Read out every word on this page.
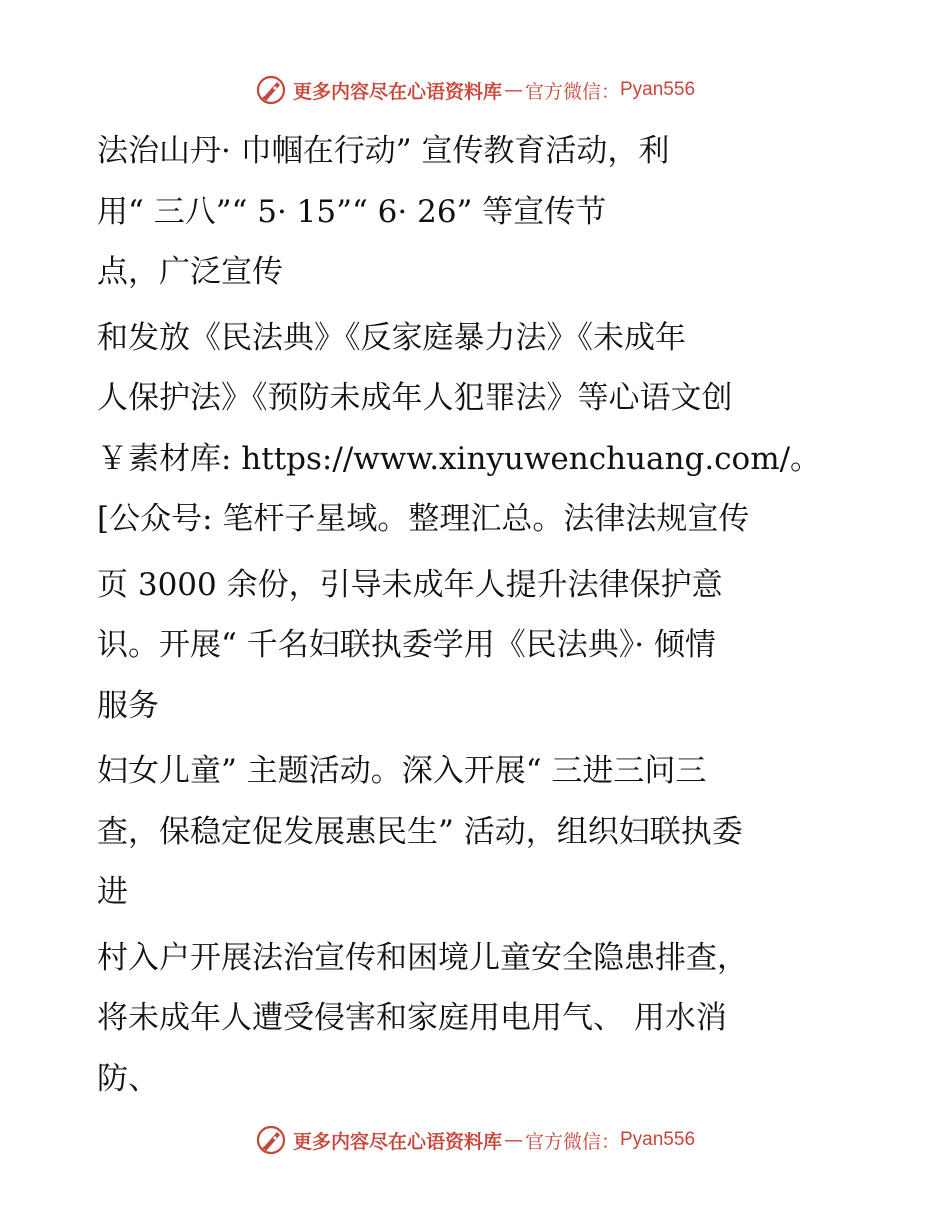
更多内容尽在心语资料库 — 官方微信： Pyan556
法治山丹· 巾帼在行动” 宣传教育活动，利
用“ 三八”“ 5· 15”“ 6· 26” 等宣传节
点，广泛宣传
和发放《民法典》《反家庭暴力法》《未成年
人保护法》《预防未成年人犯罪法》等心语文创
￥素材库: https://www.xinyuwenchuang.com/。
[公众号: 笔杆子星域。整理汇总。法律法规宣传
页 3000 余份，引导未成年人提升法律保护意
识。开展“ 千名妇联执委学用《民法典》· 倾情
服务
妇女儿童” 主题活动。深入开展“ 三进三问三
查，保稳定促发展惠民生” 活动，组织妇联执委
进
村入户开展法治宣传和困境儿童安全隐患排查，
将未成年人遭受侵害和家庭用电用气、 用水消
防、
更多内容尽在心语资料库 — 官方微信： Pyan556
